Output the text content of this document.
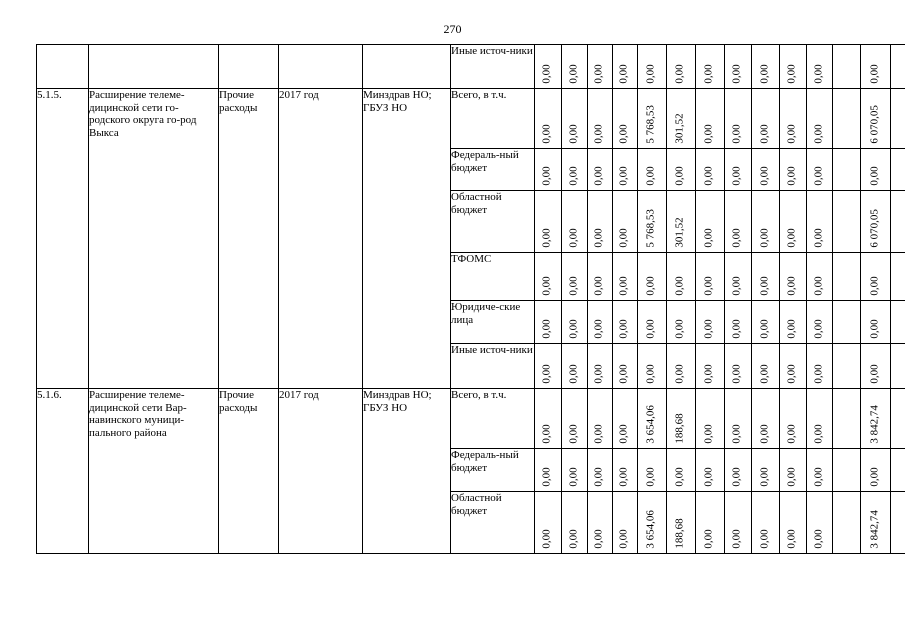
270
					Иные источ-ники	0,00	0,00	0,00	0,00	0,00	0,00	0,00	0,00	0,00	0,00	0,00		0,00	

5.1.5.	Расширение телеме-дицинской сети го-родского округа го-род Выкса	Прочие расходы	2017 год	Минздрав НО; ГБУЗ НО	Всего, в т.ч.	0,00	0,00	0,00	0,00	5 768,53	301,52	0,00	0,00	0,00	0,00	0,00		6 070,05	

					Федераль-ный бюджет	0,00	0,00	0,00	0,00	0,00	0,00	0,00	0,00	0,00	0,00	0,00		0,00	

					Областной бюджет	0,00	0,00	0,00	0,00	5 768,53	301,52	0,00	0,00	0,00	0,00	0,00		6 070,05	

					ТФОМС	0,00	0,00	0,00	0,00	0,00	0,00	0,00	0,00	0,00	0,00	0,00		0,00	

					Юридиче-ские лица	0,00	0,00	0,00	0,00	0,00	0,00	0,00	0,00	0,00	0,00	0,00		0,00	

					Иные источ-ники	0,00	0,00	0,00	0,00	0,00	0,00	0,00	0,00	0,00	0,00	0,00		0,00	

5.1.6.	Расширение телеме-дицинской сети Вар-навинского муници-пального района	Прочие расходы	2017 год	Минздрав НО; ГБУЗ НО	Всего, в т.ч.	0,00	0,00	0,00	0,00	3 654,06	188,68	0,00	0,00	0,00	0,00	0,00		3 842,74	

					Федераль-ный бюджет	0,00	0,00	0,00	0,00	0,00	0,00	0,00	0,00	0,00	0,00	0,00		0,00	

					Областной бюджет	0,00	0,00	0,00	0,00	3 654,06	188,68	0,00	0,00	0,00	0,00	0,00		3 842,74	
